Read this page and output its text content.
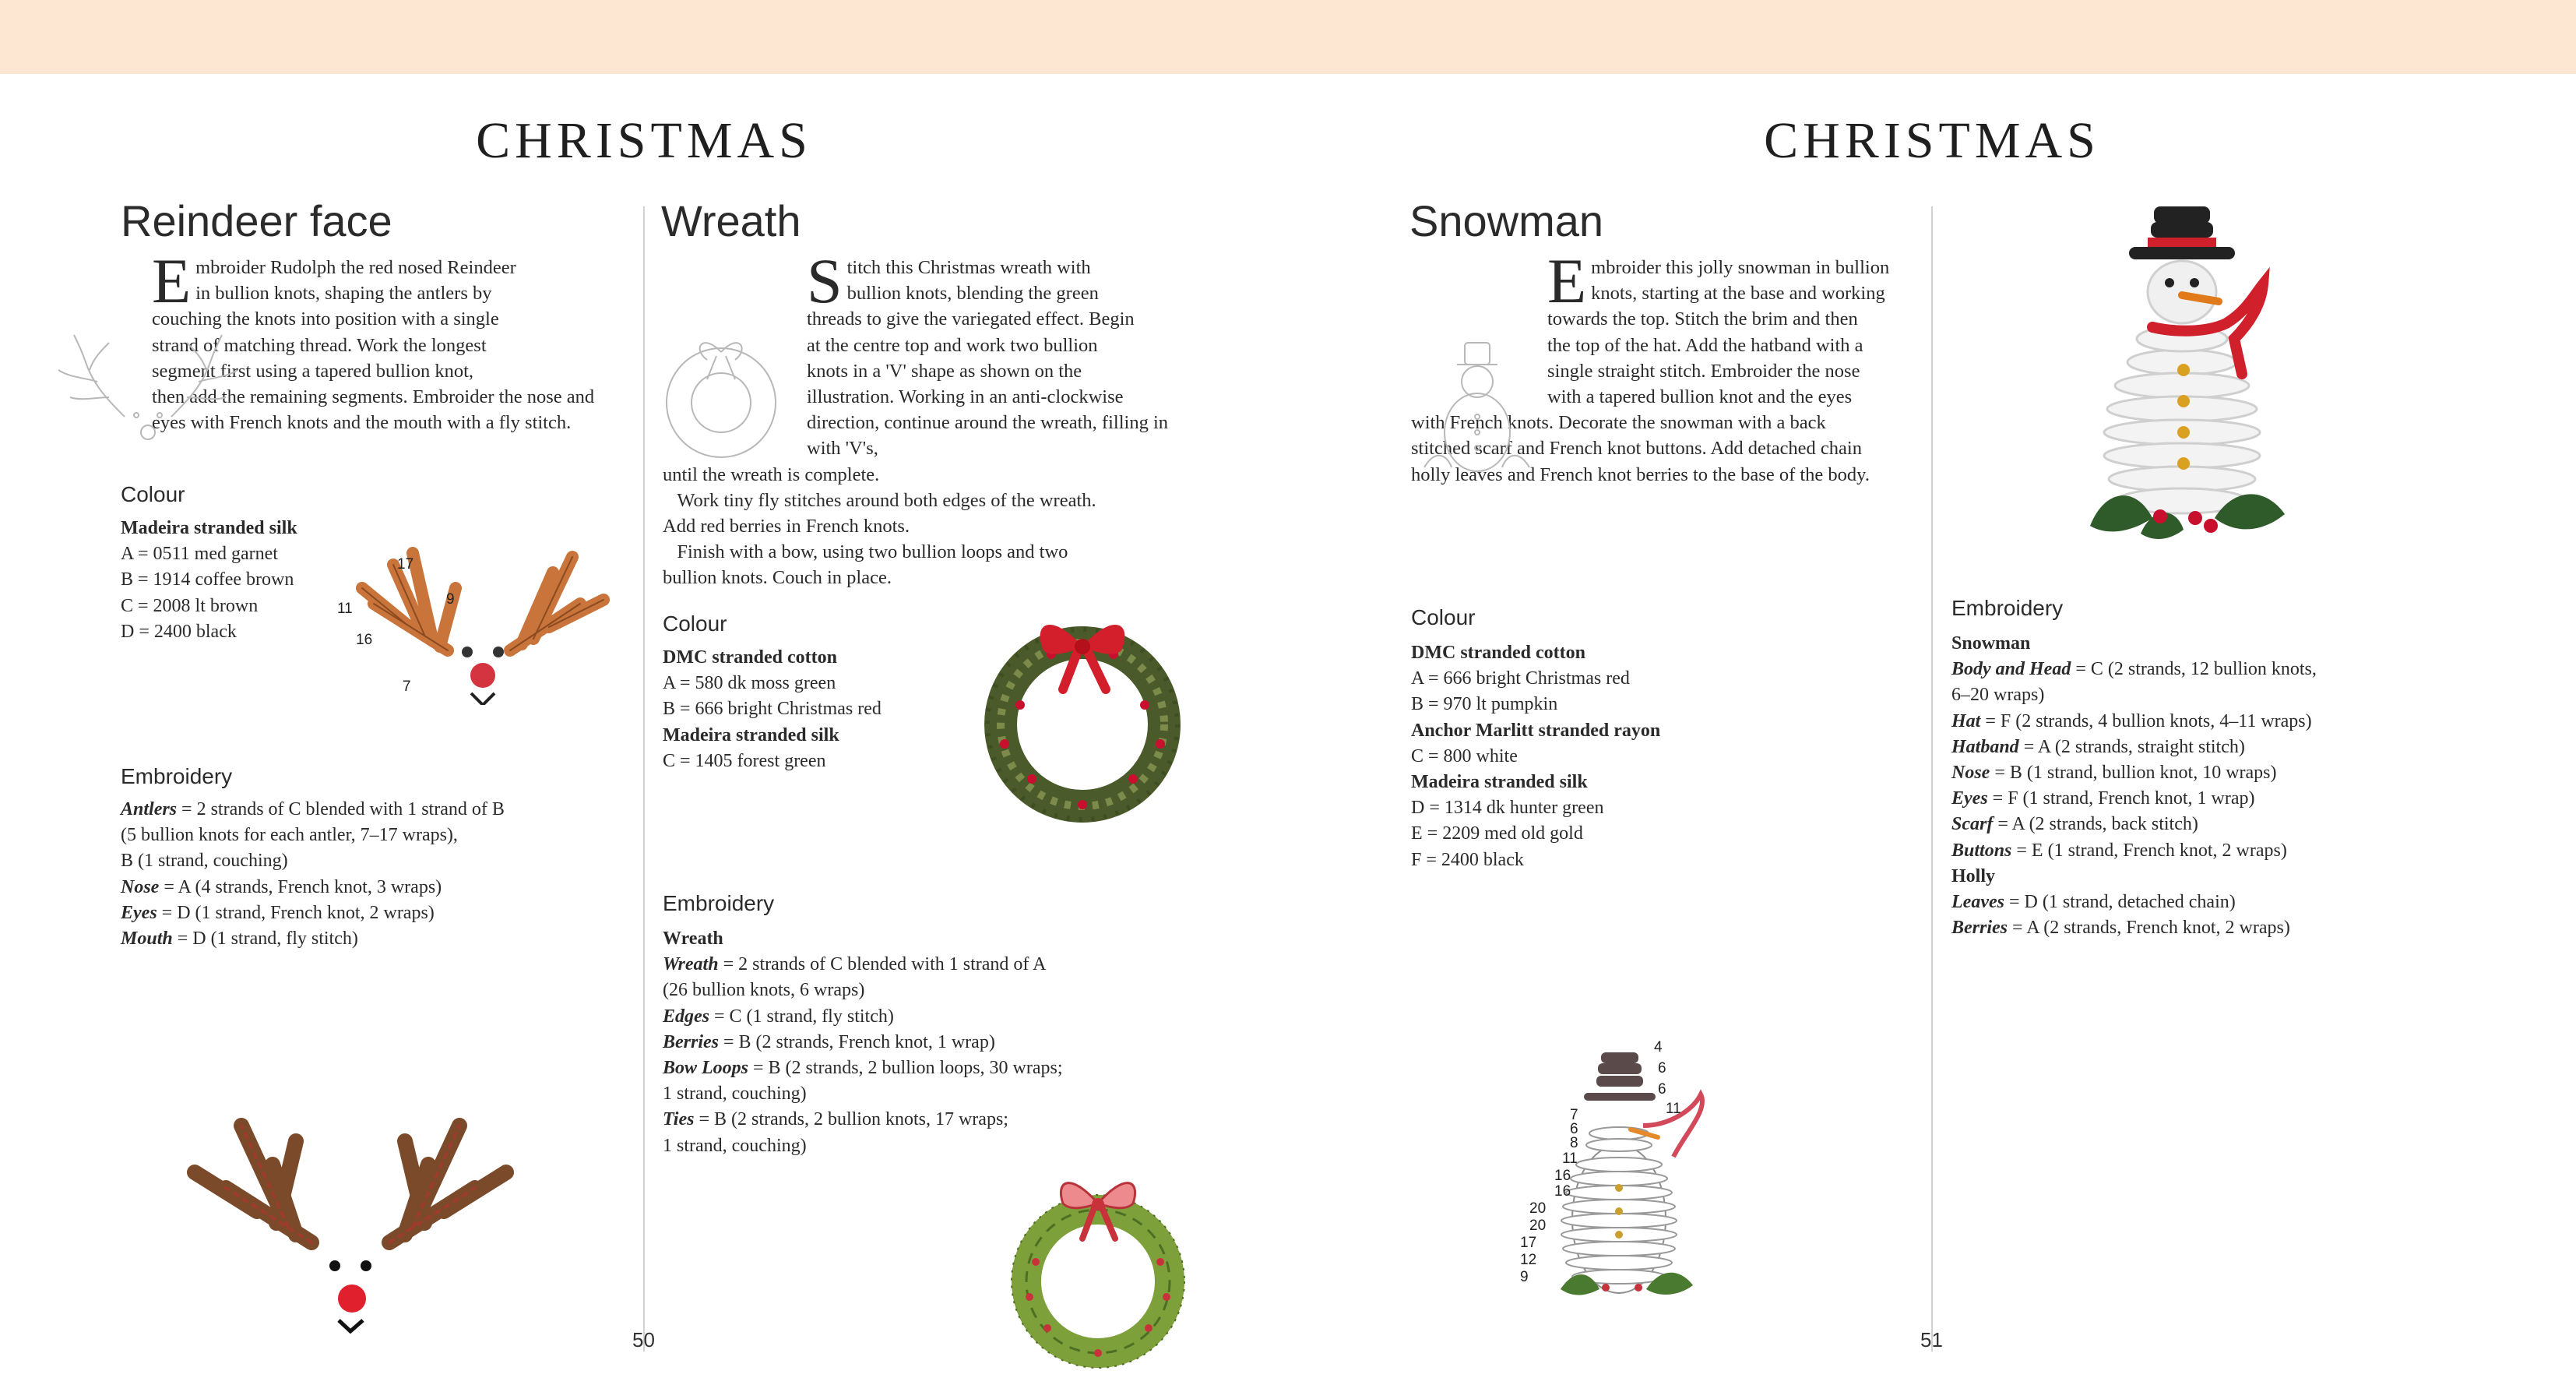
CHRISTMAS
Reindeer face
E mbroider Rudolph the red nosed Reindeer
in bullion knots, shaping the antlers by
couching the knots into position with a single
strand of matching thread. Work the longest
segment first using a tapered bullion knot,
then add the remaining segments. Embroider the nose and
eyes with French knots and the mouth with a fly stitch.
Colour
Madeira stranded silk
A = 0511 med garnet
B = 1914 coffee brown
C = 2008 lt brown
D = 2400 black
17
11
9
16
7
Embroidery
Antlers = 2 strands of C blended with 1 strand of B
(5 bullion knots for each antler, 7–17 wraps),
B (1 strand, couching)
Nose = A (4 strands, French knot, 3 wraps)
Eyes = D (1 strand, French knot, 2 wraps)
Mouth = D (1 strand, fly stitch)
Wreath
S titch this Christmas wreath with
bullion knots, blending the green
threads to give the variegated effect. Begin
at the centre top and work two bullion
knots in a 'V' shape as shown on the
illustration. Working in an anti-clockwise
direction, continue around the wreath, filling in with 'V's,
until the wreath is complete.
Work tiny fly stitches around both edges of the wreath.
Add red berries in French knots.
Finish with a bow, using two bullion loops and two
bullion knots. Couch in place.
Colour
DMC stranded cotton
A = 580 dk moss green
B = 666 bright Christmas red
Madeira stranded silk
C = 1405 forest green
Embroidery
Wreath
Wreath = 2 strands of C blended with 1 strand of A
(26 bullion knots, 6 wraps)
Edges = C (1 strand, fly stitch)
Berries = B (2 strands, French knot, 1 wrap)
Bow Loops = B (2 strands, 2 bullion loops, 30 wraps;
1 strand, couching)
Ties = B (2 strands, 2 bullion knots, 17 wraps;
1 strand, couching)
50
CHRISTMAS
Snowman
E mbroider this jolly snowman in bullion
knots, starting at the base and working
towards the top. Stitch the brim and then
the top of the hat. Add the hatband with a
single straight stitch. Embroider the nose
with a tapered bullion knot and the eyes
with French knots. Decorate the snowman with a back
stitched scarf and French knot buttons. Add detached chain
holly leaves and French knot berries to the base of the body.
Colour
DMC stranded cotton
A = 666 bright Christmas red
B = 970 lt pumpkin
Anchor Marlitt stranded rayon
C = 800 white
Madeira stranded silk
D = 1314 dk hunter green
E = 2209 med old gold
F = 2400 black
4
6
6
11
7
6
8
11
16
16
20
20
17
12
9
Embroidery
Snowman
Body and Head = C (2 strands, 12 bullion knots,
6–20 wraps)
Hat = F (2 strands, 4 bullion knots, 4–11 wraps)
Hatband = A (2 strands, straight stitch)
Nose = B (1 strand, bullion knot, 10 wraps)
Eyes = F (1 strand, French knot, 1 wrap)
Scarf = A (2 strands, back stitch)
Buttons = E (1 strand, French knot, 2 wraps)
Holly
Leaves = D (1 strand, detached chain)
Berries = A (2 strands, French knot, 2 wraps)
51
